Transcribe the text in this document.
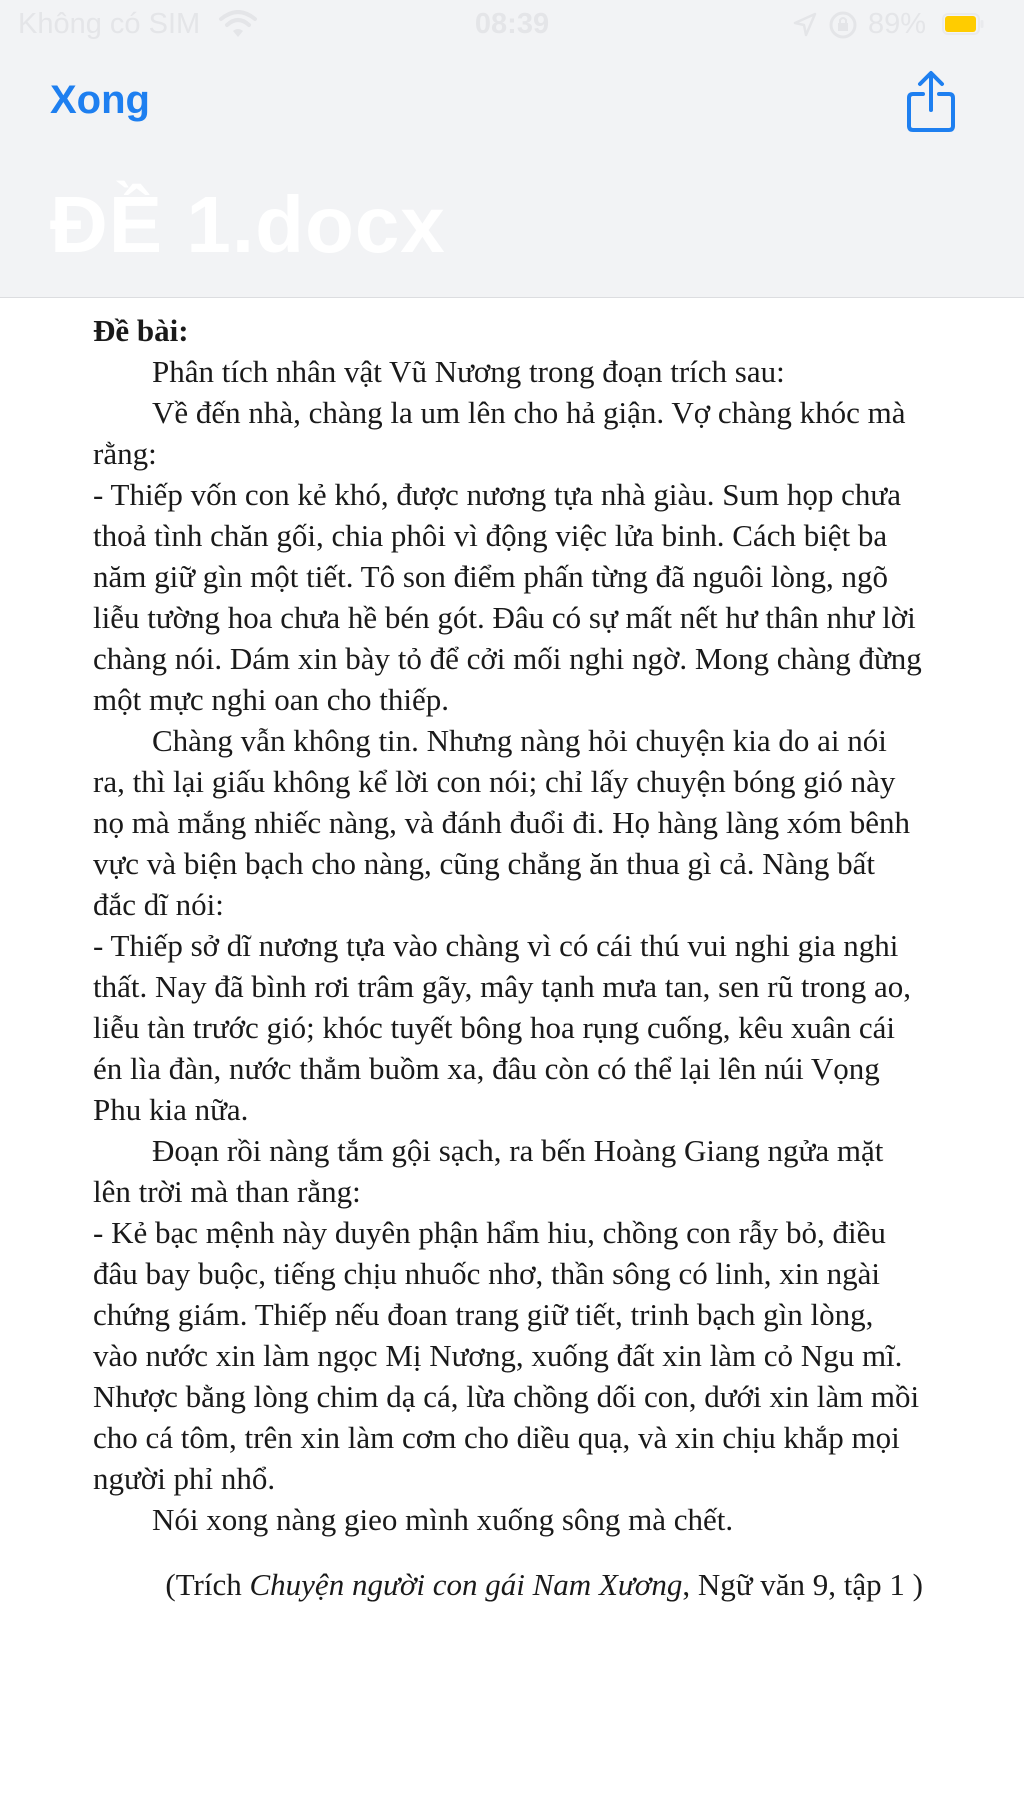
Không có SIM	08:39	89%
Xong
ĐỀ 1.docx

Đề bài:

Phân tích nhân vật Vũ Nương trong đoạn trích sau:

Về đến nhà, chàng la um lên cho hả giận. Vợ chàng khóc mà rằng:

- Thiếp vốn con kẻ khó, được nương tựa nhà giàu. Sum họp chưa thoả tình chăn gối, chia phôi vì động việc lửa binh. Cách biệt ba năm giữ gìn một tiết. Tô son điểm phấn từng đã nguôi lòng, ngõ liễu tường hoa chưa hề bén gót. Đâu có sự mất nết hư thân như lời chàng nói. Dám xin bày tỏ để cởi mối nghi ngờ. Mong chàng đừng một mực nghi oan cho thiếp.

Chàng vẫn không tin. Nhưng nàng hỏi chuyện kia do ai nói ra, thì lại giấu không kể lời con nói; chỉ lấy chuyện bóng gió này nọ mà mắng nhiếc nàng, và đánh đuổi đi. Họ hàng làng xóm bênh vực và biện bạch cho nàng, cũng chẳng ăn thua gì cả. Nàng bất đắc dĩ nói:

- Thiếp sở dĩ nương tựa vào chàng vì có cái thú vui nghi gia nghi thất. Nay đã bình rơi trâm gãy, mây tạnh mưa tan, sen rũ trong ao, liễu tàn trước gió; khóc tuyết bông hoa rụng cuống, kêu xuân cái én lìa đàn, nước thẳm buồm xa, đâu còn có thể lại lên núi Vọng Phu kia nữa.

Đoạn rồi nàng tắm gội sạch, ra bến Hoàng Giang ngửa mặt lên trời mà than rằng:

- Kẻ bạc mệnh này duyên phận hẩm hiu, chồng con rẫy bỏ, điều đâu bay buộc, tiếng chịu nhuốc nhơ, thần sông có linh, xin ngài chứng giám. Thiếp nếu đoan trang giữ tiết, trinh bạch gìn lòng, vào nước xin làm ngọc Mị Nương, xuống đất xin làm cỏ Ngu mĩ. Nhược bằng lòng chim dạ cá, lừa chồng dối con, dưới xin làm mồi cho cá tôm, trên xin làm cơm cho diều quạ, và xin chịu khắp mọi người phỉ nhổ.

Nói xong nàng gieo mình xuống sông mà chết.

(Trích Chuyện người con gái Nam Xương, Ngữ văn 9, tập 1 )
